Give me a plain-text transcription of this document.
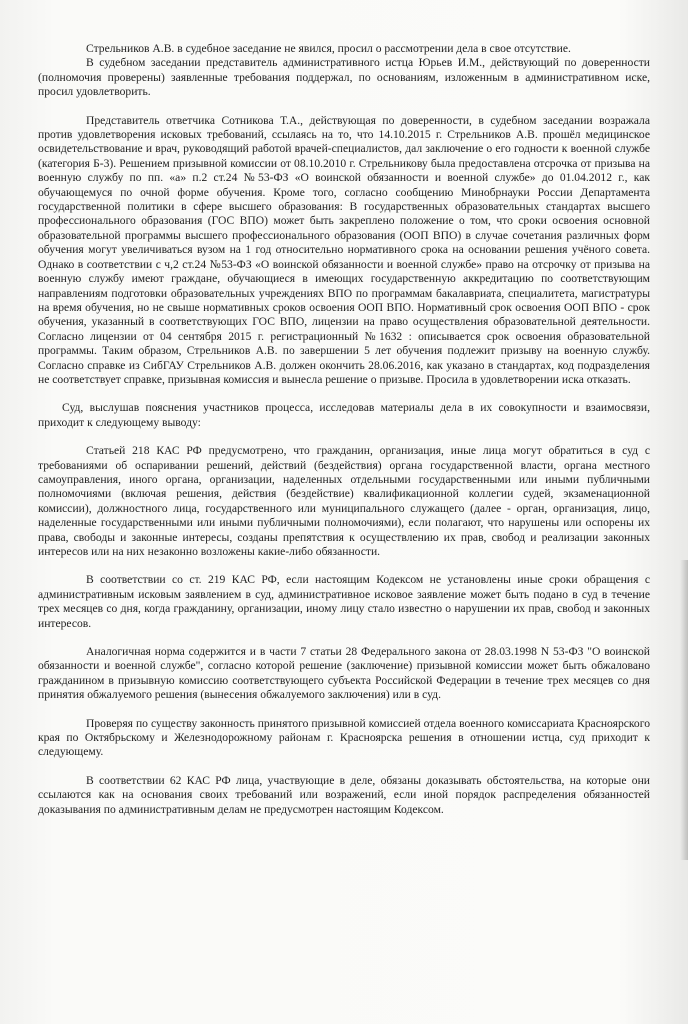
Стрельников А.В. в судебное заседание не явился, просил о рассмотрении дела в свое отсутствие.

В судебном заседании представитель административного истца Юрьев И.М., действующий по доверенности (полномочия проверены) заявленные требования поддержал, по основаниям, изложенным в административном иске, просил удовлетворить.

Представитель ответчика Сотникова Т.А., действующая по доверенности, в судебном заседании возражала против удовлетворения исковых требований, ссылаясь на то, что 14.10.2015 г. Стрельников А.В. прошёл медицинское освидетельствование и врач, руководящий работой врачей-специалистов, дал заключение о его годности к военной службе (категория Б-3). Решением призывной комиссии от 08.10.2010 г. Стрельникову была предоставлена отсрочка от призыва на военную службу по пп. «а» п.2 ст.24 №53-ФЗ «О воинской обязанности и военной службе» до 01.04.2012 г., как обучающемуся по очной форме обучения. Кроме того, согласно сообщению Минобрнауки России Департамента государственной политики в сфере высшего образования: В государственных образовательных стандартах высшего профессионального образования (ГОС ВПО) может быть закреплено положение о том, что сроки освоения основной образовательной программы высшего профессионального образования (ООП ВПО) в случае сочетания различных форм обучения могут увеличиваться вузом на 1 год относительно нормативного срока на основании решения учёного совета. Однако в соответствии с ч,2 ст.24 №53-ФЗ «О воинской обязанности и военной службе» право на отсрочку от призыва на военную службу имеют граждане, обучающиеся в имеющих государственную аккредитацию по соответствующим направлениям подготовки образовательных учреждениях ВПО по программам бакалавриата, специалитета, магистратуры на время обучения, но не свыше нормативных сроков освоения ООП ВПО. Нормативный срок освоения ООП ВПО - срок обучения, указанный в соответствующих ГОС ВПО, лицензии на право осуществления образовательной деятельности. Согласно лицензии от 04 сентября 2015 г. регистрационный №1632 : описывается срок освоения образовательной программы. Таким образом, Стрельников А.В. по завершении 5 лет обучения подлежит призыву на военную службу. Согласно справке из СибГАУ Стрельников А.В. должен окончить 28.06.2016, как указано в стандартах, код подразделения не соответствует справке, призывная комиссия и вынесла решение о призыве. Просила в удовлетворении иска отказать.

Суд, выслушав пояснения участников процесса, исследовав материалы дела в их совокупности и взаимосвязи, приходит к следующему выводу:

Статьей 218 КАС РФ предусмотрено, что гражданин, организация, иные лица могут обратиться в суд с требованиями об оспаривании решений, действий (бездействия) органа государственной власти, органа местного самоуправления, иного органа, организации, наделенных отдельными государственными или иными публичными полномочиями (включая решения, действия (бездействие) квалификационной коллегии судей, экзаменационной комиссии), должностного лица, государственного или муниципального служащего (далее - орган, организация, лицо, наделенные государственными или иными публичными полномочиями), если полагают, что нарушены или оспорены их права, свободы и законные интересы, созданы препятствия к осуществлению их прав, свобод и реализации законных интересов или на них незаконно возложены какие-либо обязанности.

В соответствии со ст. 219 КАС РФ, если настоящим Кодексом не установлены иные сроки обращения с административным исковым заявлением в суд, административное исковое заявление может быть подано в суд в течение трех месяцев со дня, когда гражданину, организации, иному лицу стало известно о нарушении их прав, свобод и законных интересов.

Аналогичная норма содержится и в части 7 статьи 28 Федерального закона от 28.03.1998 N 53-ФЗ "О воинской обязанности и военной службе", согласно которой решение (заключение) призывной комиссии может быть обжаловано гражданином в призывную комиссию соответствующего субъекта Российской Федерации в течение трех месяцев со дня принятия обжалуемого решения (вынесения обжалуемого заключения) или в суд.

Проверяя по существу законность принятого призывной комиссией отдела военного комиссариата Красноярского края по Октябрьскому и Железнодорожному районам г. Красноярска решения в отношении истца, суд приходит к следующему.

В соответствии 62 КАС РФ лица, участвующие в деле, обязаны доказывать обстоятельства, на которые они ссылаются как на основания своих требований или возражений, если иной порядок распределения обязанностей доказывания по административным делам не предусмотрен настоящим Кодексом.
